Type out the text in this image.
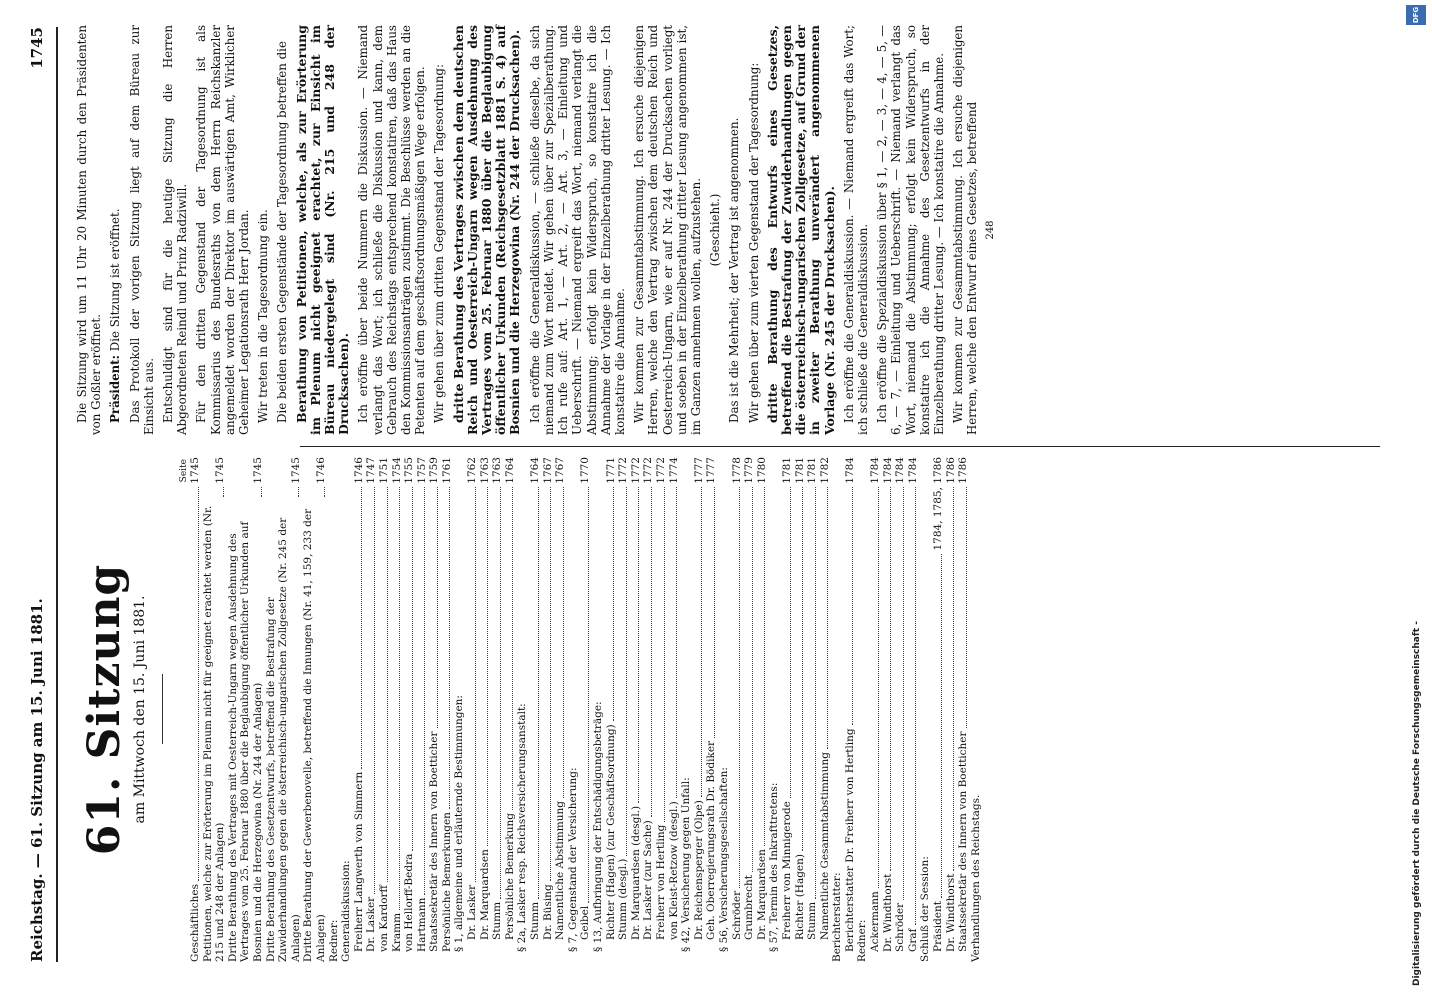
Reichstag. — 61. Sitzung am 15. Juni 1881.
1745
61. Sitzung am Mittwoch den 15. Juni 1881.
Seite
Geschäftliches
1745
Petitionen, welche zur Erörterung im Plenum nicht für geeignet erachtet werden (Nr. 215 und 248 der Anlagen)
1745
Dritte Berathung des Vertrages mit Oesterreich-Ungarn wegen Ausdehnung des Vertrages vom 25. Februar 1880 über die Beglaubigung öffentlicher Urkunden auf Bosnien und die Herzegowina (Nr. 244 der Anlagen)
1745
Dritte Berathung des Gesetzentwurfs, betreffend die Bestrafung der Zuwiderhandlungen gegen die österreichisch-ungarischen Zollgesetze (Nr. 245 der Anlagen)
1745
Dritte Berathung der Gewerbenovelle, betreffend die Innungen (Nr. 41, 159, 233 der Anlagen)
1746
Redner: Generaldiskussion: Freiherr Langwerth von Simmern
1746
Dr. Lasker
1747
von Kardorff
1751
Kramm
1754
von Hellorff-Bedra
1755
Hartmann
1757
Staatssekretär des Innern von Boetticher
1759
Persönliche Bemerkungen
1761
§ 1, allgemeine und erläuternde Bestimmungen: Dr. Lasker
1762
Dr. Marquardsen
1763
Stumm
1763
Persönliche Bemerkung
1764
§ 2a, Lasker resp. Reichsversicherungsanstalt: Stumm
1764
Dr. Büsing
1767
Namentliche Abstimmung
1767
§ 7, Gegenstand der Versicherung: Geibel
1770
§ 13, Aufbringung der Entschädigungsbeträge: Richter (Hagen) (zur Geschäftsordnung)
1771
Stumm (desgl.)
1772
Dr. Marquardsen (desgl.)
1772
Dr. Lasker (zur Sache)
1772
Freiherr von Hertling
1772
von Kleist-Retzow (desgl.)
1774
§ 42, Versicherung gegen Unfall: Dr. Reichensperger (Olpe)
1777
Geh. Oberregierungsrath Dr. Bödiker
1777
§ 56, Versicherungsgesellschaften: Schröder
1778
Grumbrecht
1779
Dr. Marquardsen
1780
§ 57, Termin des Inkrafttretens: Freiherr von Minnigerode
1781
Richter (Hagen)
1781
Stumm
1781
Namentliche Gesammtabstimmung
1782
Berichterstatter: Berichterstatter Dr. Freiherr von Hertling
1784
Redner: Ackermann
1784
Dr. Windthorst
1784
Schröder
1784
Graf
1784
Schluß der Session: Präsident
1784, 1785, 1786
Dr. Windthorst
1786
Staatssekretär des Innern von Boetticher
1786
Verhandlungen des Reichstags.

Die Sitzung wird um 11 Uhr 20 Minuten durch den Präsidenten von Goßler eröffnet. Präsident: Die Sitzung ist eröffnet. Das Protokoll der vorigen Sitzung liegt auf dem Büreau zur Einsicht aus. Entschuldigt sind für die heutige Sitzung die Herren Abgeordneten Reindl und Prinz Radziwill. Für den dritten Gegenstand der Tagesordnung ist als Kommissarius des Bundesraths von dem Herrn Reichskanzler angemeldet worden der Direktor im auswärtigen Amt, Wirklicher Geheimer Legationsrath Herr Jordan. Wir treten in die Tagesordnung ein. Die beiden ersten Gegenstände der Tagesordnung betreffen die Berathung von Petitionen, welche, als zur Erörterung im Plenum nicht geeignet erachtet, zur Einsicht im Büreau niedergelegt sind (Nr. 215 und 248 der Drucksachen). Ich eröffne über beide Nummern die Diskussion. — Niemand verlangt das Wort; ich schließe die Diskussion und kann, dem Gebrauch des Reichstags entsprechend konstatiren, daß das Haus den Kommissionsanträgen zustimmt. Die Beschlüsse werden an die Petenten auf dem geschäftsordnungsmäßigen Wege erfolgen. Wir gehen über zum dritten Gegenstand der Tagesordnung: dritte Berathung des Vertrages zwischen dem deutschen Reich und Oesterreich-Ungarn wegen Ausdehnung des Vertrages vom 25. Februar 1880 über die Beglaubigung öffentlicher Urkunden (Reichsgesetzblatt 1881 S. 4) auf Bosnien und die Herzegowina (Nr. 244 der Drucksachen). Ich eröffne die Generaldiskussion, — schließe dieselbe, da sich niemand zum Wort meldet. Wir gehen über zur Spezialberathung. Ich rufe auf: Art. 1, — Art. 2, — Art. 3, — Einleitung und Ueberschrift. — Niemand ergreift das Wort, niemand verlangt die Abstimmung; erfolgt kein Widerspruch, so konstatire ich die Annahme der Vorlage in der Einzelberathung dritter Lesung. — Ich konstatire die Annahme. Wir kommen zur Gesammtabstimmung. Ich ersuche diejenigen Herren, welche den Vertrag zwischen dem deutschen Reich und Oesterreich-Ungarn, wie er auf Nr. 244 der Drucksachen vorliegt und soeben in der Einzelberathung dritter Lesung angenommen ist, im Ganzen annehmen wollen, aufzustehen. (Geschieht.) Das ist die Mehrheit; der Vertrag ist angenommen. Wir gehen über zum vierten Gegenstand der Tagesordnung: dritte Berathung des Entwurfs eines Gesetzes, betreffend die Bestrafung der Zuwiderhandlungen gegen die österreichisch-ungarischen Zollgesetze, auf Grund der in zweiter Berathung unverändert angenommenen Vorlage (Nr. 245 der Drucksachen). Ich eröffne die Generaldiskussion. — Niemand ergreift das Wort; ich schließe die Generaldiskussion. Ich eröffne die Spezialdiskussion über § 1, — 2, — 3, — 4, — 5, — 6, — 7, — Einleitung und Ueberschrift. — Niemand verlangt das Wort, niemand die Abstimmung; erfolgt kein Widerspruch, so konstatire ich die Annahme des Gesetzentwurfs in der Einzelberathung dritter Lesung. — Ich konstatire die Annahme. Wir kommen zur Gesammtabstimmung. Ich ersuche diejenigen Herren, welche den Entwurf eines Gesetzes, betreffend 248
Digitalisierung gefördert durch die Deutsche Forschungsgemeinschaft -
DFG
